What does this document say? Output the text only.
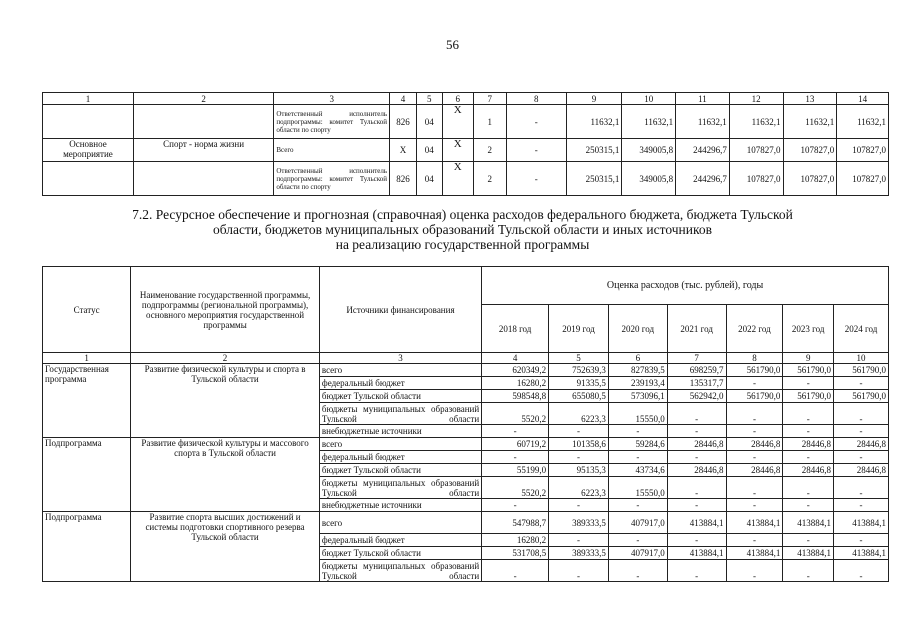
56
1	2	3	4	5	6	7	8	9	10	11	12	13	14
		Ответственный исполнитель подпрограммы: комитет Тульской области по спорту	826	04	X	1	-	11632,1	11632,1	11632,1	11632,1	11632,1	11632,1
Основное мероприятие	Спорт - норма жизни	Всего	X	04	X	2	-	250315,1	349005,8	244296,7	107827,0	107827,0	107827,0
		Ответственный исполнитель подпрограммы: комитет Тульской области по спорту	826	04	X	2	-	250315,1	349005,8	244296,7	107827,0	107827,0	107827,0
7.2. Ресурсное обеспечение и прогнозная (справочная) оценка расходов федерального бюджета, бюджета Тульской
области, бюджетов муниципальных образований Тульской области и иных источников
на реализацию государственной программы
Статус	Наименование государственной программы, подпрограммы (региональной программы), основного мероприятия государственной программы	Источники финансирования	Оценка расходов (тыс. рублей), годы						
			2018 год	2019 год	2020 год	2021 год	2022 год	2023 год	2024 год
1	2	3	4	5	6	7	8	9	10
Государственная программа	Развитие физической культуры и спорта в Тульской области	всего	620349,2	752639,3	827839,5	698259,7	561790,0	561790,0	561790,0
		федеральный бюджет	16280,2	91335,5	239193,4	135317,7	-	-	-
		бюджет Тульской области	598548,8	655080,5	573096,1	562942,0	561790,0	561790,0	561790,0
		бюджеты муниципальных образований Тульской области	5520,2	6223,3	15550,0	-	-	-	-
		внебюджетные источники	-	-	-	-	-	-	-
Подпрограмма	Развитие физической культуры и массового спорта в Тульской области	всего	60719,2	101358,6	59284,6	28446,8	28446,8	28446,8	28446,8
		федеральный бюджет	-	-	-	-	-	-	-
		бюджет Тульской области	55199,0	95135,3	43734,6	28446,8	28446,8	28446,8	28446,8
		бюджеты муниципальных образований Тульской области	5520,2	6223,3	15550,0	-	-	-	-
		внебюджетные источники	-	-	-	-	-	-	-
Подпрограмма	Развитие спорта высших достижений и системы подготовки спортивного резерва Тульской области	всего	547988,7	389333,5	407917,0	413884,1	413884,1	413884,1	413884,1
		федеральный бюджет	16280,2	-	-	-	-	-	-
		бюджет Тульской области	531708,5	389333,5	407917,0	413884,1	413884,1	413884,1	413884,1
		бюджеты муниципальных образований Тульской области	-	-	-	-	-	-	-
